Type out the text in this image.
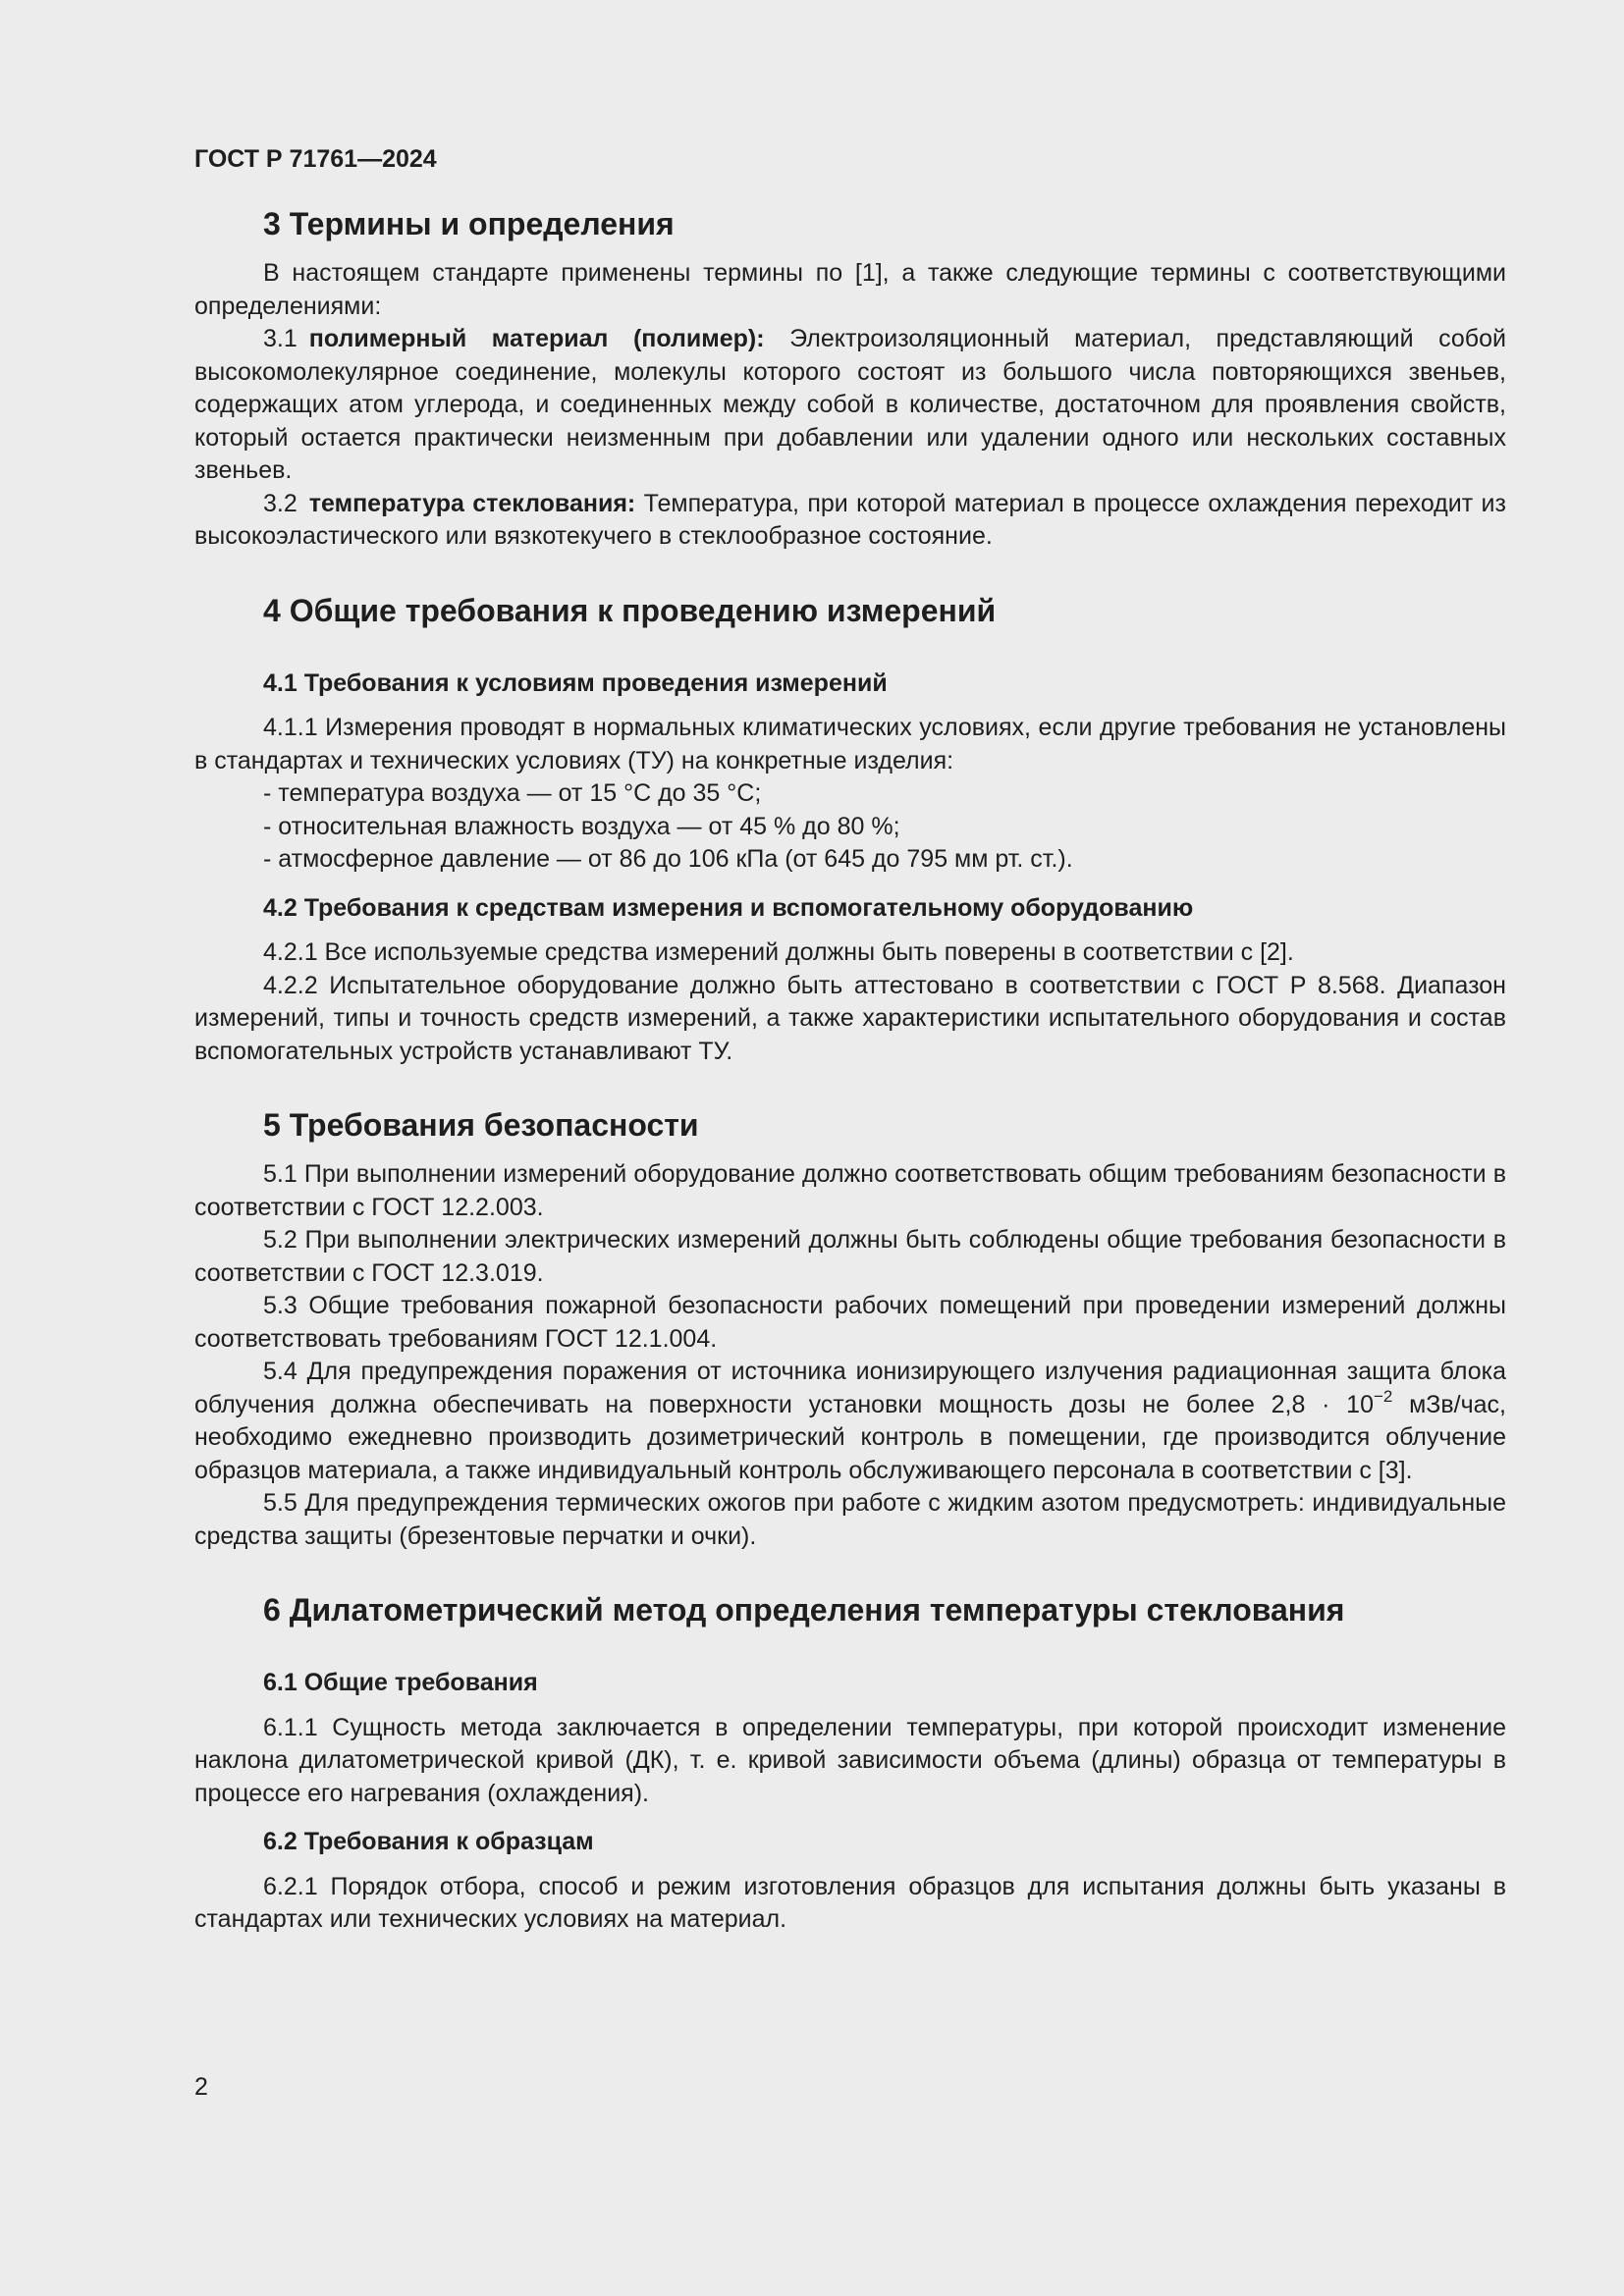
ГОСТ Р 71761—2024
3 Термины и определения

В настоящем стандарте применены термины по [1], а также следующие термины с соответствующими определениями:

3.1 полимерный материал (полимер): Электроизоляционный материал, представляющий собой высокомолекулярное соединение, молекулы которого состоят из большого числа повторяющихся звеньев, содержащих атом углерода, и соединенных между собой в количестве, достаточном для проявления свойств, который остается практически неизменным при добавлении или удалении одного или нескольких составных звеньев.

3.2 температура стеклования: Температура, при которой материал в процессе охлаждения переходит из высокоэластического или вязкотекучего в стеклообразное состояние.

4 Общие требования к проведению измерений
4.1 Требования к условиям проведения измерений

4.1.1 Измерения проводят в нормальных климатических условиях, если другие требования не установлены в стандартах и технических условиях (ТУ) на конкретные изделия:

- температура воздуха — от 15 °С до 35 °С;
- относительная влажность воздуха — от 45 % до 80 %;
- атмосферное давление — от 86 до 106 кПа (от 645 до 795 мм рт. ст.).
4.2 Требования к средствам измерения и вспомогательному оборудованию

4.2.1 Все используемые средства измерений должны быть поверены в соответствии с [2].

4.2.2 Испытательное оборудование должно быть аттестовано в соответствии с ГОСТ Р 8.568. Диапазон измерений, типы и точность средств измерений, а также характеристики испытательного оборудования и состав вспомогательных устройств устанавливают ТУ.

5 Требования безопасности

5.1 При выполнении измерений оборудование должно соответствовать общим требованиям безопасности в соответствии с ГОСТ 12.2.003.

5.2 При выполнении электрических измерений должны быть соблюдены общие требования безопасности в соответствии с ГОСТ 12.3.019.

5.3 Общие требования пожарной безопасности рабочих помещений при проведении измерений должны соответствовать требованиям ГОСТ 12.1.004.

5.4 Для предупреждения поражения от источника ионизирующего излучения радиационная защита блока облучения должна обеспечивать на поверхности установки мощность дозы не более $2,8 \cdot 10^{-2}$ мЗв/час, необходимо ежедневно производить дозиметрический контроль в помещении, где производится облучение образцов материала, а также индивидуальный контроль обслуживающего персонала в соответствии с [3].

5.5 Для предупреждения термических ожогов при работе с жидким азотом предусмотреть: индивидуальные средства защиты (брезентовые перчатки и очки).

6 Дилатометрический метод определения температуры стеклования
6.1 Общие требования

6.1.1 Сущность метода заключается в определении температуры, при которой происходит изменение наклона дилатометрической кривой (ДК), т. е. кривой зависимости объема (длины) образца от температуры в процессе его нагревания (охлаждения).

6.2 Требования к образцам

6.2.1 Порядок отбора, способ и режим изготовления образцов для испытания должны быть указаны в стандартах или технических условиях на материал.

2
